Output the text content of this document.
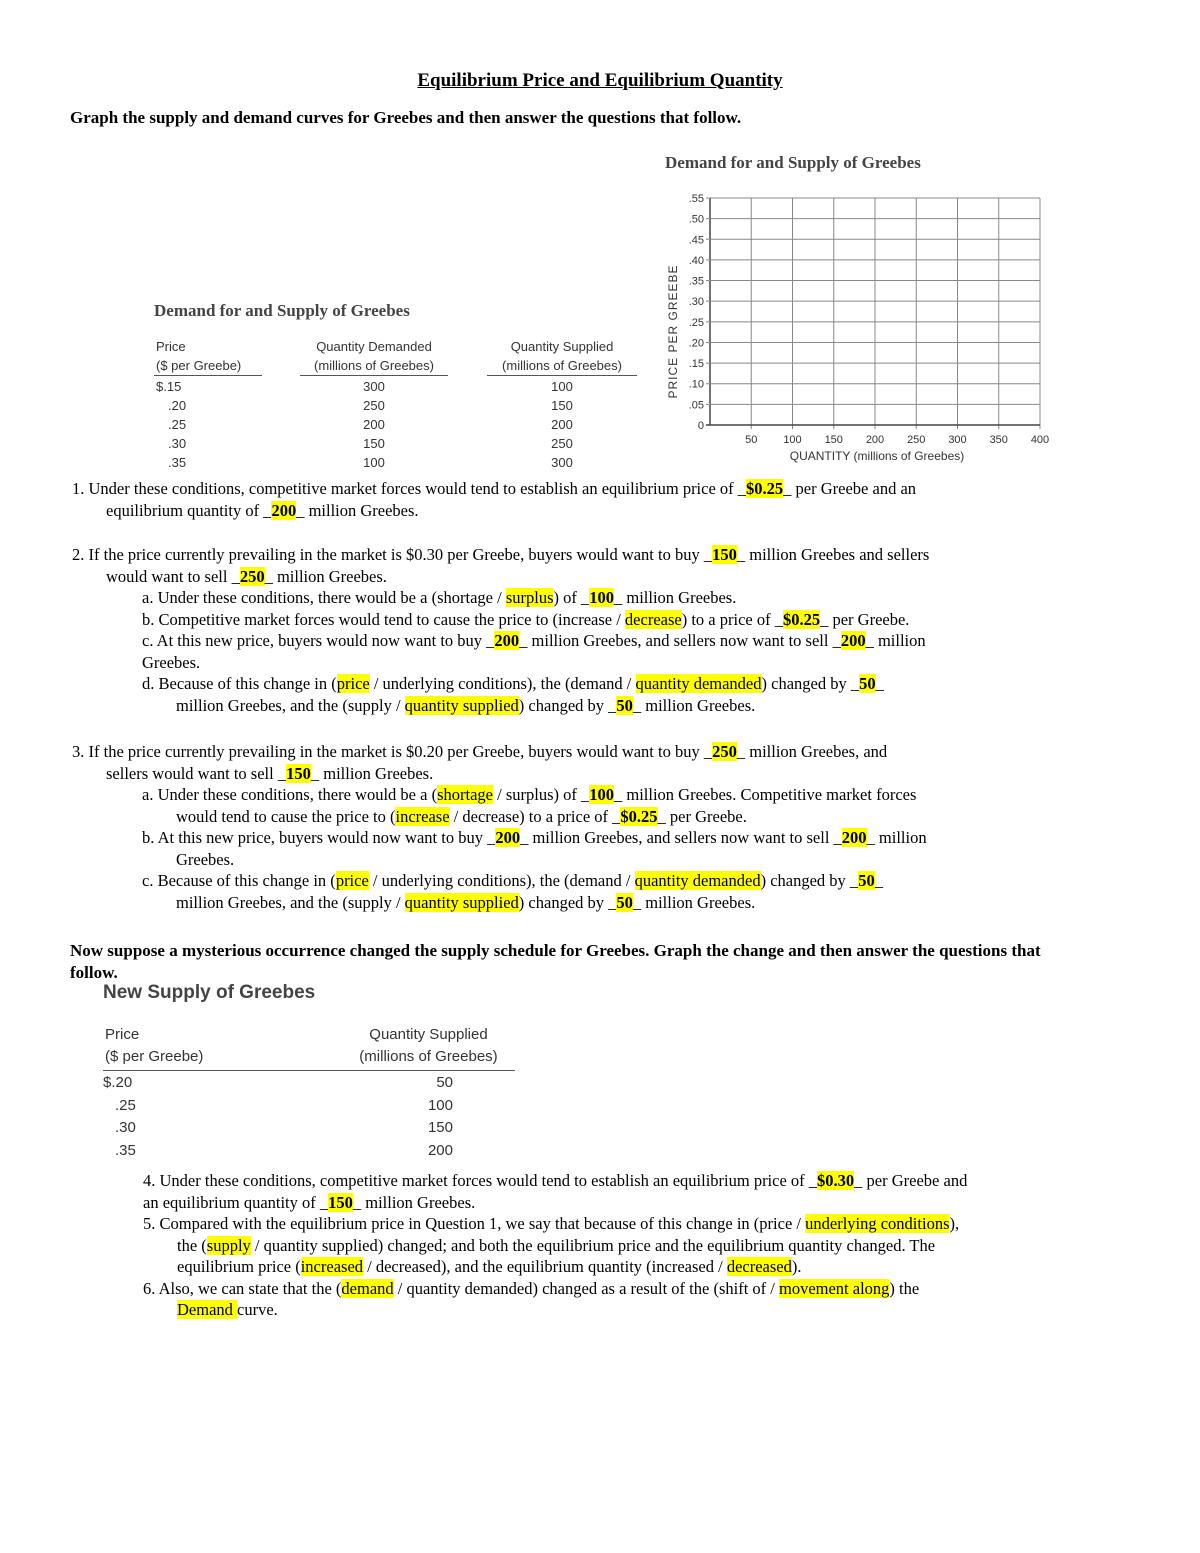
Equilibrium Price and Equilibrium Quantity
Graph the supply and demand curves for Greebes and then answer the questions that follow.
Demand for and Supply of Greebes
PRICE PER GREEBE
QUANTITY (millions of Greebes)
0
.05
.10
.15
.20
.25
.30
.35
.40
.45
.50
.55
50 100 150 200 250 300 350 400
Demand for and Supply of Greebes
Price
($ per Greebe)
Quantity Demanded
(millions of Greebes)
Quantity Supplied
(millions of Greebes)
$.15	300	100
.20	250	150
.25	200	200
.30	150	250
.35	100	300

1. Under these conditions, competitive market forces would tend to establish an equilibrium price of _$0.25_ per Greebe and an

equilibrium quantity of _200_ million Greebes.

2. If the price currently prevailing in the market is $0.30 per Greebe, buyers would want to buy _150_ million Greebes and sellers

would want to sell _250_ million Greebes.

a. Under these conditions, there would be a (shortage / surplus) of _100_ million Greebes.

b. Competitive market forces would tend to cause the price to (increase / decrease) to a price of _$0.25_ per Greebe.

c. At this new price, buyers would now want to buy _200_ million Greebes, and sellers now want to sell _200_ million

Greebes.

d. Because of this change in (price / underlying conditions), the (demand / quantity demanded) changed by _50_

million Greebes, and the (supply / quantity supplied) changed by _50_ million Greebes.

3. If the price currently prevailing in the market is $0.20 per Greebe, buyers would want to buy _250_ million Greebes, and

sellers would want to sell _150_ million Greebes.

a. Under these conditions, there would be a (shortage / surplus) of _100_ million Greebes. Competitive market forces

would tend to cause the price to (increase / decrease) to a price of _$0.25_ per Greebe.

b. At this new price, buyers would now want to buy _200_ million Greebes, and sellers now want to sell _200_ million

Greebes.

c. Because of this change in (price / underlying conditions), the (demand / quantity demanded) changed by _50_

million Greebes, and the (supply / quantity supplied) changed by _50_ million Greebes.

Now suppose a mysterious occurrence changed the supply schedule for Greebes. Graph the change and then answer the questions that follow.
New Supply of Greebes
Price
($ per Greebe)
Quantity Supplied
(millions of Greebes)
$.20	50
.25	100
.30	150
.35	200

4. Under these conditions, competitive market forces would tend to establish an equilibrium price of _$0.30_ per Greebe and

an equilibrium quantity of _150_ million Greebes.

5. Compared with the equilibrium price in Question 1, we say that because of this change in (price / underlying conditions),

the (supply / quantity supplied) changed; and both the equilibrium price and the equilibrium quantity changed. The

equilibrium price (increased / decreased), and the equilibrium quantity (increased / decreased).

6. Also, we can state that the (demand / quantity demanded) changed as a result of the (shift of / movement along) the

Demand curve.
